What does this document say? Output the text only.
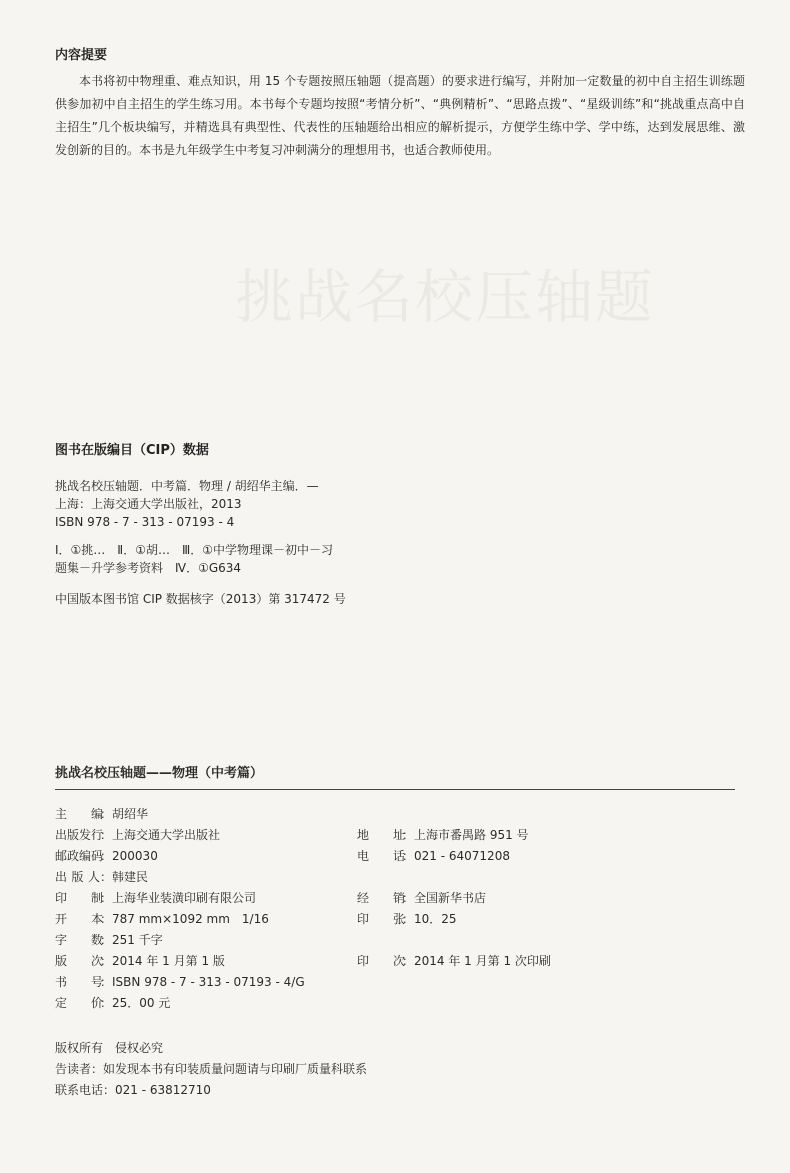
挑战名校压轴题
内容提要
本书将初中物理重、难点知识，用 15 个专题按照压轴题（提高题）的要求进行编写，并附加一定数量的初中自主招生训练题供参加初中自主招生的学生练习用。本书每个专题均按照“考情分析”、“典例精析”、“思路点拨”、“星级训练”和“挑战重点高中自主招生”几个板块编写，并精选具有典型性、代表性的压轴题给出相应的解析提示，方便学生练中学、学中练，达到发展思维、激发创新的目的。本书是九年级学生中考复习冲刺满分的理想用书，也适合教师使用。
图书在版编目（CIP）数据
挑战名校压轴题．中考篇．物理 / 胡绍华主编．—
上海：上海交通大学出版社，2013
ISBN 978 - 7 - 313 - 07193 - 4
Ⅰ．①挑…　Ⅱ．①胡…　Ⅲ．①中学物理课－初中－习
题集－升学参考资料　Ⅳ．①G634
中国版本图书馆 CIP 数据核字（2013）第 317472 号
挑战名校压轴题——物理（中考篇）
主　　编：胡绍华
出版发行：上海交通大学出版社	地　　址：上海市番禺路 951 号
邮政编码：200030	电　　话：021 - 64071208
出 版 人：韩建民
印　　制：上海华业装潢印刷有限公司	经　　销：全国新华书店
开　　本：787 mm×1092 mm　1/16	印　　张：10．25
字　　数：251 千字
版　　次：2014 年 1 月第 1 版	印　　次：2014 年 1 月第 1 次印刷
书　　号：ISBN 978 - 7 - 313 - 07193 - 4/G
定　　价：25．00 元
版权所有　侵权必究
告读者：如发现本书有印装质量问题请与印刷厂质量科联系
联系电话：021 - 63812710
